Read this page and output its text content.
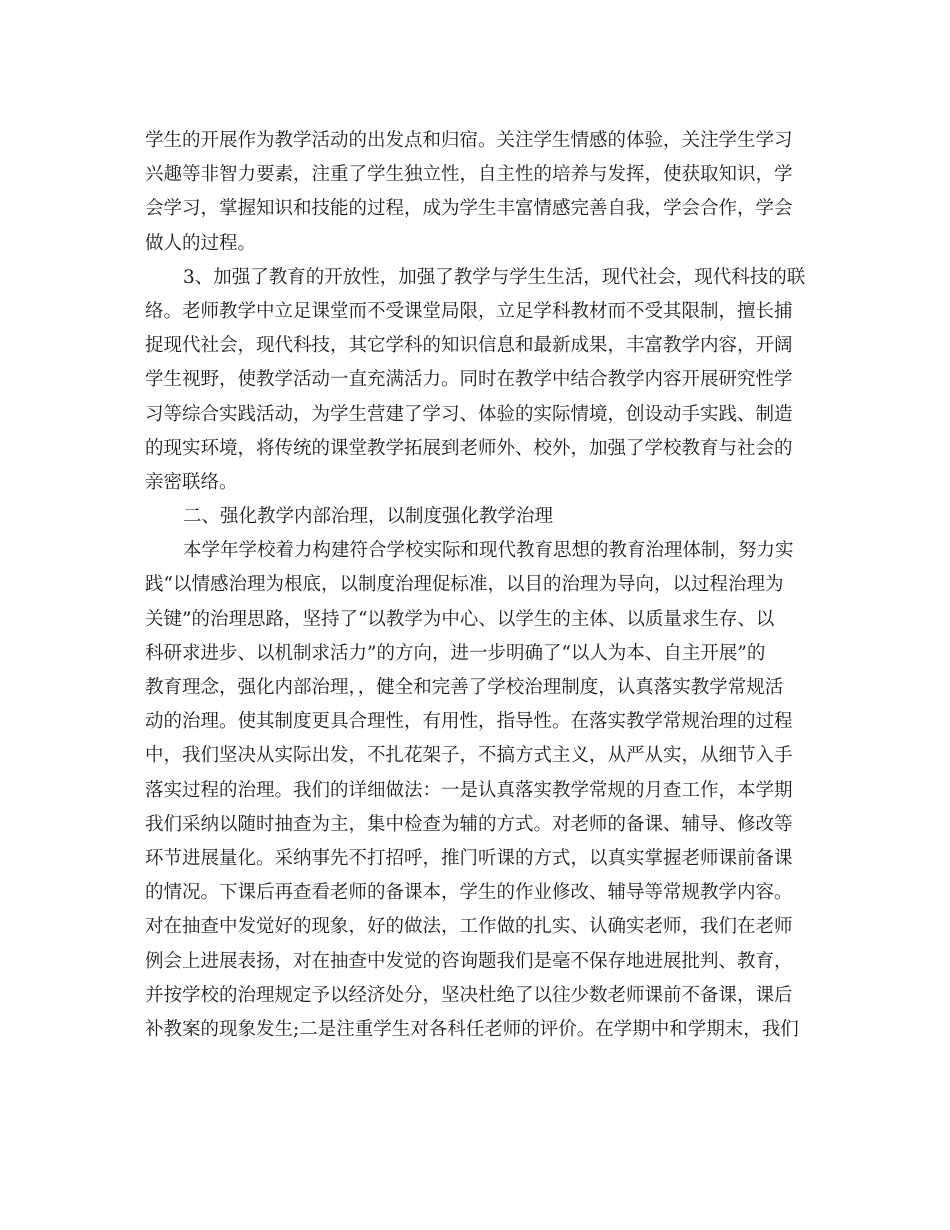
学生的开展作为教学活动的出发点和归宿。关注学生情感的体验，关注学生学习
兴趣等非智力要素，注重了学生独立性，自主性的培养与发挥，使获取知识，学
会学习，掌握知识和技能的过程，成为学生丰富情感完善自我，学会合作，学会
做人的过程。
3、加强了教育的开放性，加强了教学与学生生活，现代社会，现代科技的联
络。老师教学中立足课堂而不受课堂局限，立足学科教材而不受其限制，擅长捕
捉现代社会，现代科技，其它学科的知识信息和最新成果，丰富教学内容，开阔
学生视野，使教学活动一直充满活力。同时在教学中结合教学内容开展研究性学
习等综合实践活动，为学生营建了学习、体验的实际情境，创设动手实践、制造
的现实环境，将传统的课堂教学拓展到老师外、校外，加强了学校教育与社会的
亲密联络。
二、强化教学内部治理，以制度强化教学治理
本学年学校着力构建符合学校实际和现代教育思想的教育治理体制，努力实
践“以情感治理为根底，以制度治理促标准，以目的治理为导向，以过程治理为
关键”的治理思路，坚持了“以教学为中心、以学生的主体、以质量求生存、以
科研求进步、以机制求活力”的方向，进一步明确了“以人为本、自主开展”的
教育理念，强化内部治理，，健全和完善了学校治理制度，认真落实教学常规活
动的治理。使其制度更具合理性，有用性，指导性。在落实教学常规治理的过程
中，我们坚决从实际出发，不扎花架子，不搞方式主义，从严从实，从细节入手
落实过程的治理。我们的详细做法：一是认真落实教学常规的月查工作，本学期
我们采纳以随时抽查为主，集中检查为辅的方式。对老师的备课、辅导、修改等
环节进展量化。采纳事先不打招呼，推门听课的方式，以真实掌握老师课前备课
的情况。下课后再查看老师的备课本，学生的作业修改、辅导等常规教学内容。
对在抽查中发觉好的现象，好的做法，工作做的扎实、认确实老师，我们在老师
例会上进展表扬，对在抽查中发觉的咨询题我们是毫不保存地进展批判、教育，
并按学校的治理规定予以经济处分，坚决杜绝了以往少数老师课前不备课，课后
补教案的现象发生;二是注重学生对各科任老师的评价。在学期中和学期末，我们
